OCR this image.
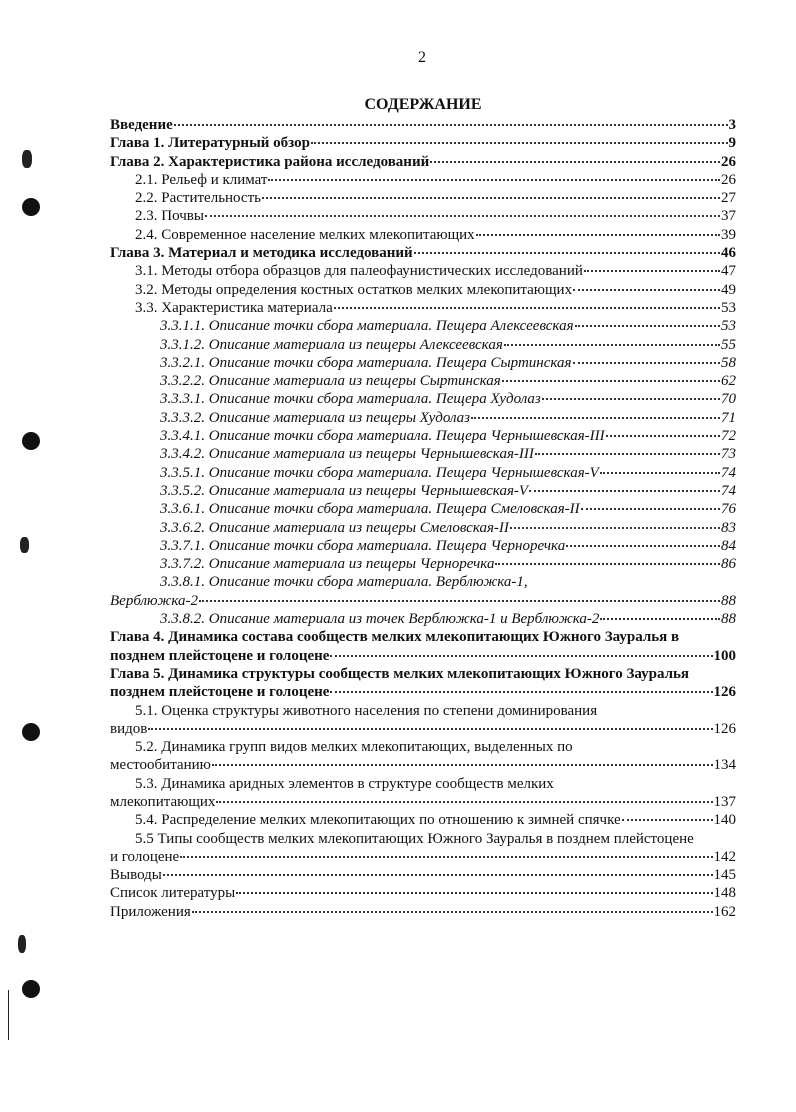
2
СОДЕРЖАНИЕ
Введение	3
Глава 1. Литературный обзор	9
Глава 2. Характеристика района исследований	26
2.1. Рельеф и климат	26
2.2. Растительность	27
2.3. Почвы	37
2.4. Современное население мелких млекопитающих	39
Глава 3. Материал и методика исследований	46
3.1. Методы отбора образцов для палеофаунистических исследований	47
3.2. Методы определения костных остатков мелких млекопитающих	49
3.3. Характеристика материала	53
3.3.1.1. Описание точки сбора материала. Пещера Алексеевская	53
3.3.1.2. Описание материала из пещеры Алексеевская	55
3.3.2.1. Описание точки сбора материала. Пещера Сыртинская	58
3.3.2.2. Описание материала из пещеры Сыртинская	62
3.3.3.1. Описание точки сбора материала. Пещера Худолаз	70
3.3.3.2. Описание материала из пещеры Худолаз	71
3.3.4.1. Описание точки сбора материала. Пещера Чернышевская-III	72
3.3.4.2. Описание материала из пещеры Чернышевская-III	73
3.3.5.1. Описание точки сбора материала. Пещера Чернышевская-V	74
3.3.5.2. Описание материала из пещеры Чернышевская-V	74
3.3.6.1. Описание точки сбора материала. Пещера Смеловская-II	76
3.3.6.2. Описание материала из пещеры Смеловская-II	83
3.3.7.1. Описание точки сбора материала. Пещера Черноречка	84
3.3.7.2. Описание материала из пещеры Черноречка	86
3.3.8.1. Описание точки сбора материала. Верблюжка-1,
Верблюжка-2	88
3.3.8.2. Описание материала из точек Верблюжка-1 и Верблюжка-2	88
Глава 4. Динамика состава сообществ мелких млекопитающих Южного Зауралья в
позднем плейстоцене и голоцене	100
Глава 5. Динамика структуры сообществ мелких млекопитающих Южного Зауралья
позднем плейстоцене и голоцене	126
5.1. Оценка структуры животного населения по степени доминирования
видов	126
5.2. Динамика групп видов мелких млекопитающих, выделенных по
местообитанию	134
5.3. Динамика аридных элементов в структуре сообществ мелких
млекопитающих	137
5.4. Распределение мелких млекопитающих по отношению к зимней спячке	140
5.5 Типы сообществ мелких млекопитающих Южного Зауралья в позднем плейстоцене
и голоцене	142
Выводы	145
Список литературы	148
Приложения	162
